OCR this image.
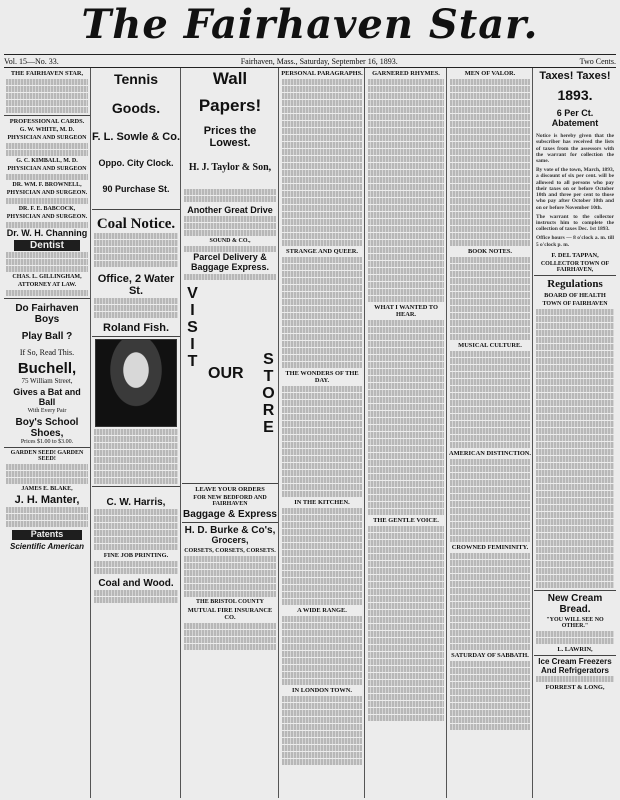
The Fairhaven Star.
Vol. 15—No. 33.	Fairhaven, Mass., Saturday, September 16, 1893.	Two Cents.
THE FAIRHAVEN STAR,
PROFESSIONAL CARDS.
G. W. WHITE, M. D.
PHYSICIAN AND SURGEON
G. C. KIMBALL, M. D.
PHYSICIAN AND SURGEON
DR. WM. F. BROWNELL,
PHYSICIAN AND SURGEON.
DR. F. E. BABCOCK,
PHYSICIAN AND SURGEON.
Dr. W. H. Channing
Dentist
CHAS. L. GILLINGHAM,
ATTORNEY AT LAW.
Do Fairhaven Boys
Play Ball ?
If So, Read This.
Buchell,
75 William Street,
Gives a Bat and Ball
With Every Pair
Boy's School Shoes,
Prices $1.00 to $3.00.
GARDEN SEED! GARDEN SEED!
JAMES E. BLAKE,
J. H. Manter,
Patents
Scientific American
Tennis
Goods.
F. L. Sowle & Co.
Oppo. City Clock.
90 Purchase St.
Coal Notice.
Office, 2 Water St.
Roland Fish.
C. W. Harris,
FINE JOB PRINTING.
Coal and Wood.
Wall
Papers!
Prices the Lowest.
H. J. Taylor & Son,
Another Great Drive
SOUND & CO.,
Parcel Delivery &
Baggage Express.
VISIT
OUR STORE
LEAVE YOUR ORDERS
FOR NEW BEDFORD AND FAIRHAVEN
Baggage & Express
H. D. Burke & Co's,
Grocers,
CORSETS, CORSETS, CORSETS.
THE BRISTOL COUNTY
MUTUAL FIRE INSURANCE CO.
PERSONAL PARAGRAPHS.
STRANGE AND QUEER.
THE WONDERS OF THE DAY.
IN THE KITCHEN.
A WIDE RANGE.
IN LONDON TOWN.
GARNERED RHYMES.
WHAT I WANTED TO HEAR.
THE GENTLE VOICE.
MEN OF VALOR.
BOOK NOTES.
MUSICAL CULTURE.
AMERICAN DISTINCTION.
CROWNED FEMININITY.
SATURDAY OF SABBATH.
Taxes! Taxes!
1893.
6 Per Ct. Abatement
Notice is hereby given that the subscriber has received the lists of taxes from the assessors with the warrant for collection the same.
By vote of the town, March, 1893, a discount of six per cent. will be allowed to all persons who pay their taxes on or before October 10th and three per cent to those who pay after October 10th and on or before November 10th.
The warrant to the collector instructs him to complete the collection of taxes Dec. 1st 1893.
Office hours — 8 o'clock a. m. till 5 o'clock p. m.
F. DEL TAPPAN,
COLLECTOR TOWN OF FAIRHAVEN,
Regulations
BOARD OF HEALTH
TOWN OF FAIRHAVEN
New Cream Bread.
"YOU WILL SEE NO OTHER."
L. LAWRIN,
Ice Cream Freezers
And Refrigerators
FORREST & LONG,
